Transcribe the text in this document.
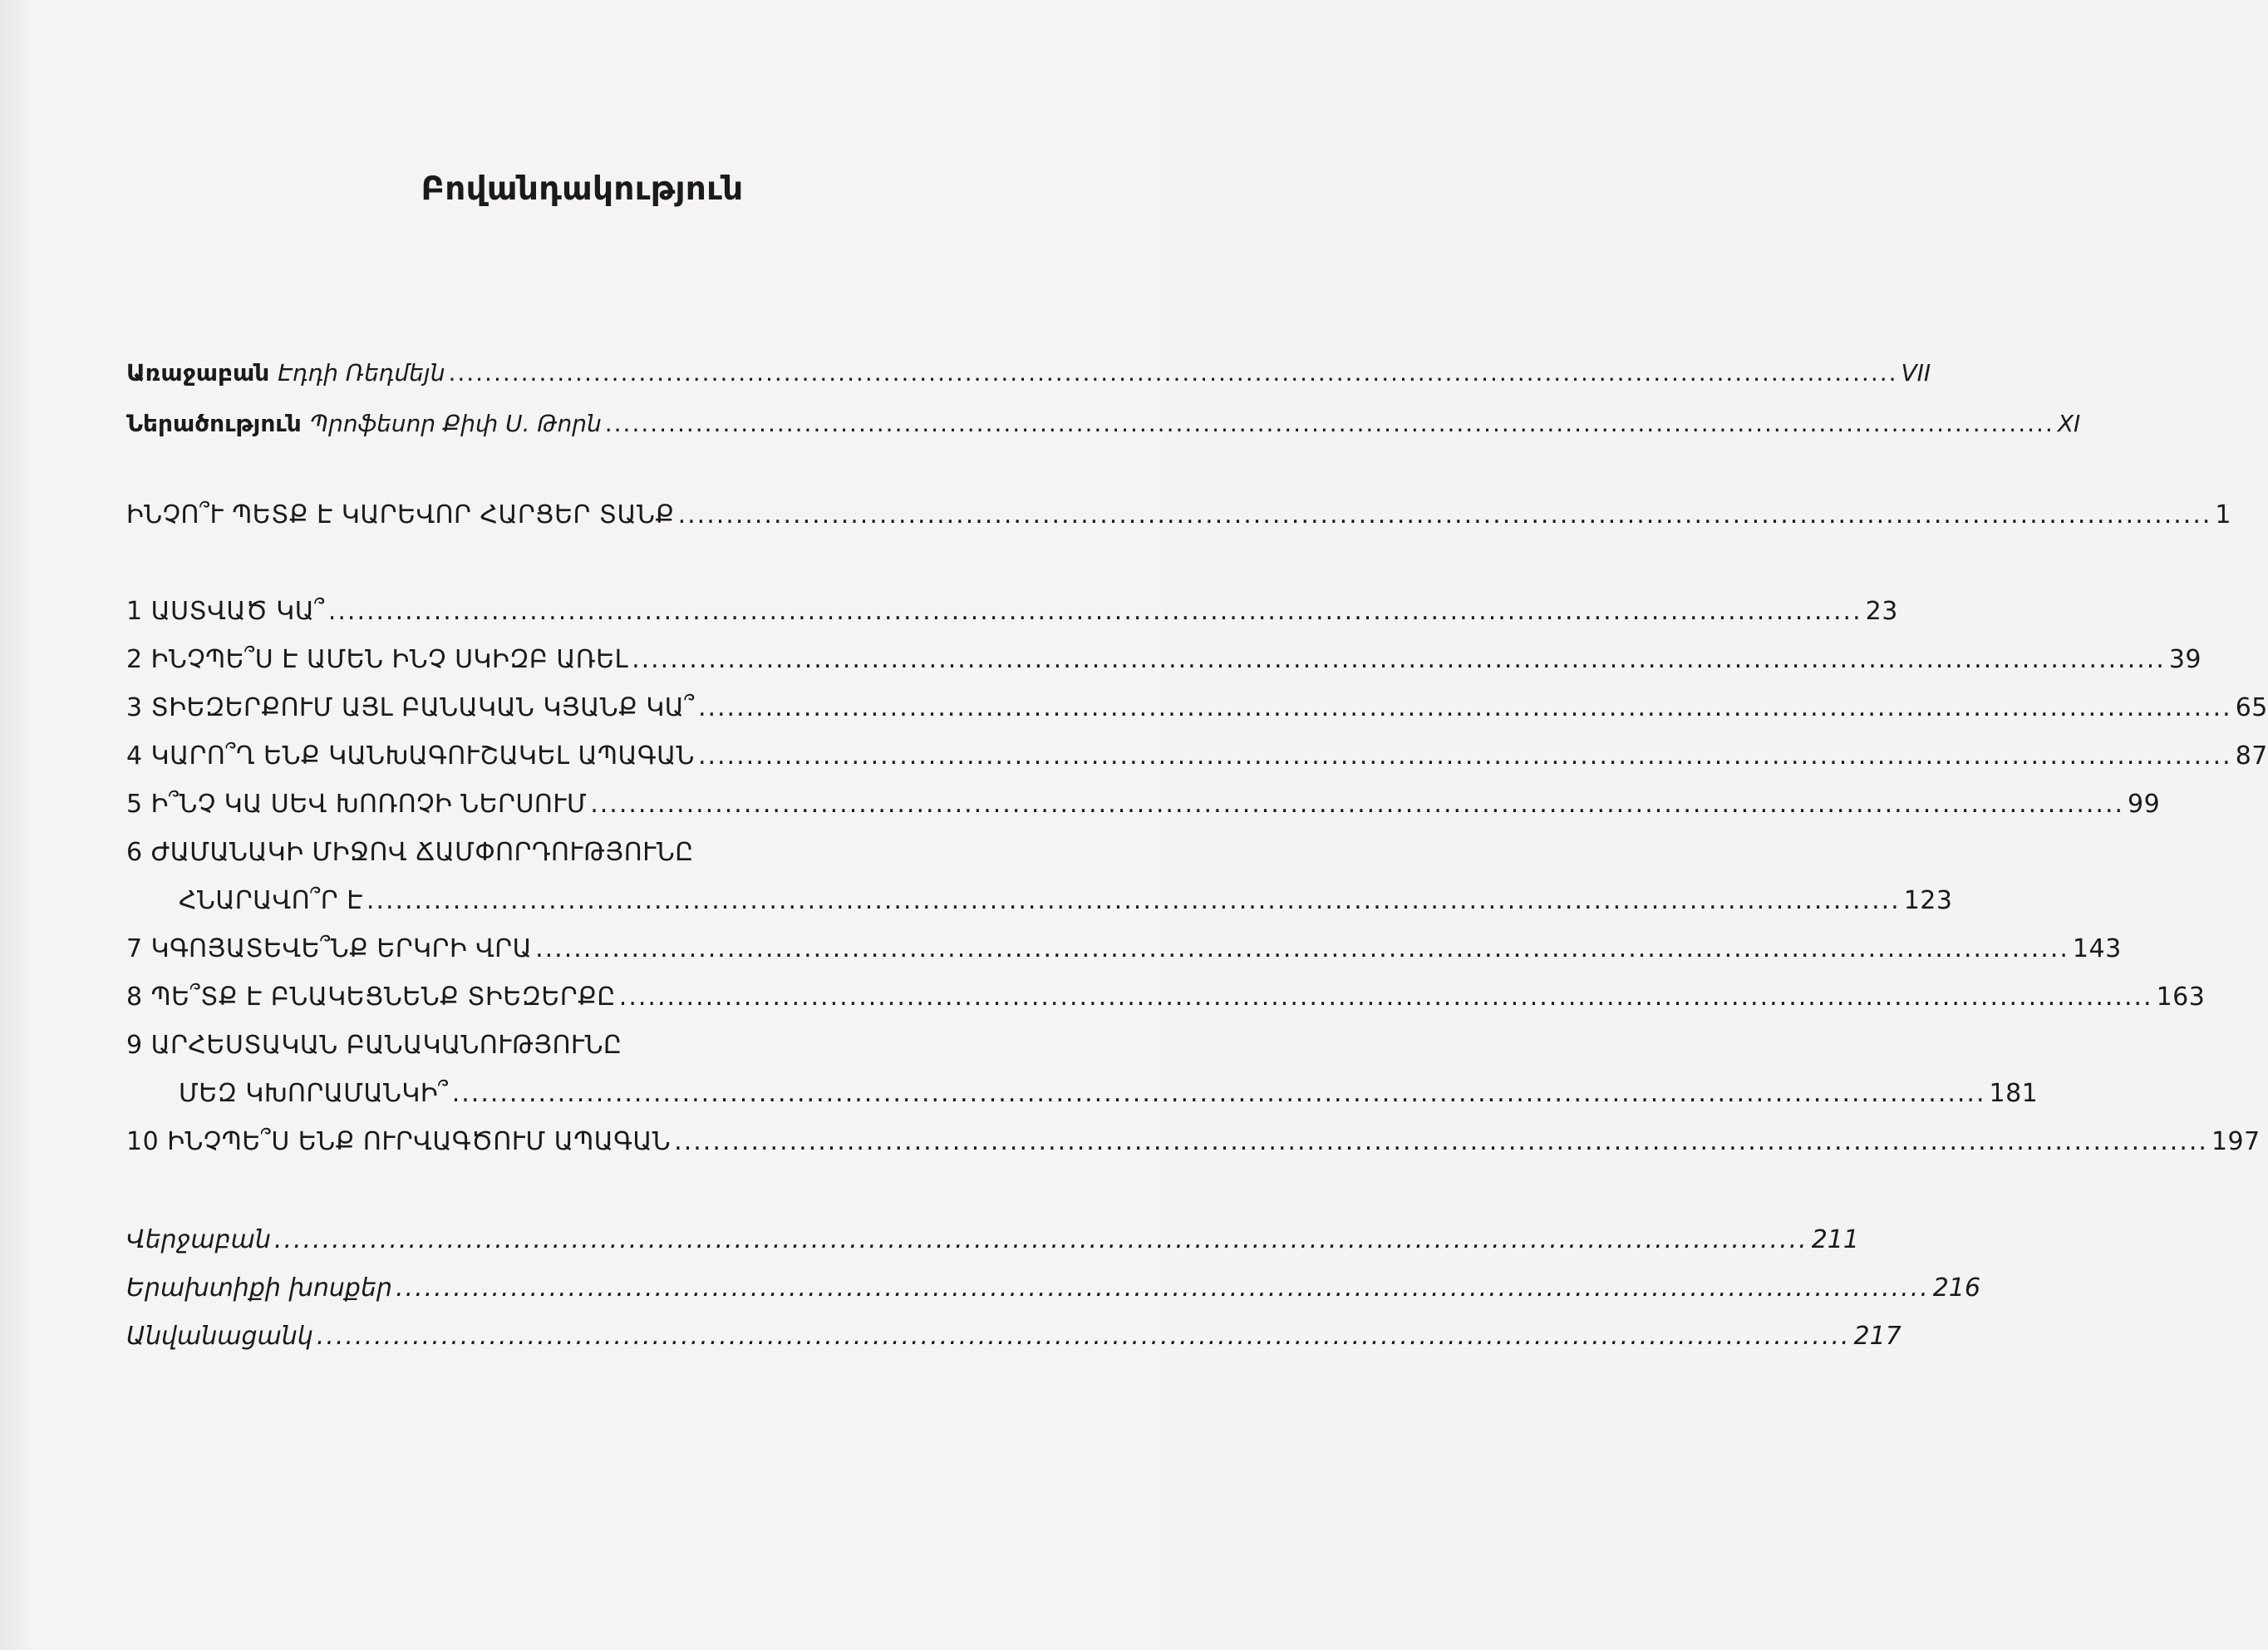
Բովանդակություն
Առաջաբան Էդդի Ռեդմեյն ................................................................................................................................................................ VII
Ներածություն Պրոֆեսոր Քիփ Ս. Թորն ................................................................................................................................................................ XI
ԻՆՉՈ՞Ւ ՊԵՏՔ Է ԿԱՐԵՎՈՐ ՀԱՐՑԵՐ ՏԱՆՔ ................................................................................................................................................................ 1
1 ԱՍՏՎԱԾ ԿԱ՞ ................................................................................................................................................................ 23
2 ԻՆՉՊԵ՞Ս Է ԱՄԵՆ ԻՆՉ ՍԿԻԶԲ ԱՌԵԼ ................................................................................................................................................................ 39
3 ՏԻԵԶԵՐՔՈՒՄ ԱՅԼ ԲԱՆԱԿԱՆ ԿՅԱՆՔ ԿԱ՞ ................................................................................................................................................................ 65
4 ԿԱՐՈ՞Ղ ԵՆՔ ԿԱՆԽԱԳՈՒՇԱԿԵԼ ԱՊԱԳԱՆ ................................................................................................................................................................ 87
5 Ի՞ՆՉ ԿԱ ՍԵՎ ԽՈՌՈՉԻ ՆԵՐՍՈՒՄ ................................................................................................................................................................ 99
6 ԺԱՄԱՆԱԿԻ ՄԻՋՈՎ ՃԱՄՓՈՐԴՈՒԹՅՈՒՆԸ
ՀՆԱՐԱՎՈ՞Ր Է ................................................................................................................................................................ 123
7 ԿԳՈՅԱՏԵՎԵ՞ՆՔ ԵՐԿՐԻ ՎՐԱ ................................................................................................................................................................ 143
8 ՊԵ՞ՏՔ Է ԲՆԱԿԵՑՆԵՆՔ ՏԻԵԶԵՐՔԸ ................................................................................................................................................................ 163
9 ԱՐՀԵՍՏԱԿԱՆ ԲԱՆԱԿԱՆՈՒԹՅՈՒՆԸ
ՄԵԶ ԿԽՈՐԱՄԱՆԿԻ՞ ................................................................................................................................................................ 181
10 ԻՆՉՊԵ՞Ս ԵՆՔ ՈՒՐՎԱԳԾՈՒՄ ԱՊԱԳԱՆ ................................................................................................................................................................ 197
Վերջաբան ................................................................................................................................................................ 211
Երախտիքի խոսքեր ................................................................................................................................................................ 216
Անվանացանկ ................................................................................................................................................................ 217
